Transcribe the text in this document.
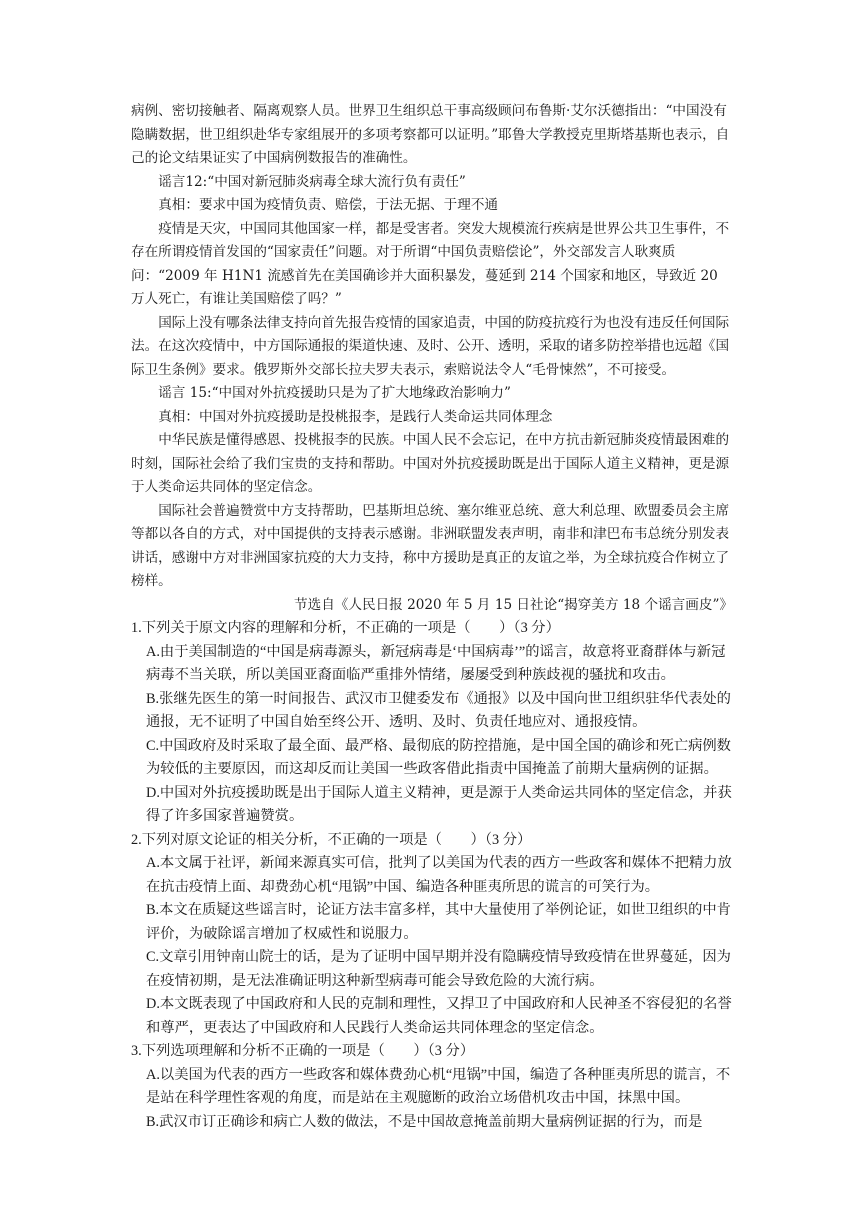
病例、密切接触者、隔离观察人员。世界卫生组织总干事高级顾问布鲁斯·艾尔沃德指出：“中国没有隐瞒数据，世卫组织赴华专家组展开的多项考察都可以证明。”耶鲁大学教授克里斯塔基斯也表示，自己的论文结果证实了中国病例数报告的准确性。

谣言12:“中国对新冠肺炎病毒全球大流行负有责任”

真相：要求中国为疫情负责、赔偿，于法无据、于理不通

疫情是天灾，中国同其他国家一样，都是受害者。突发大规模流行疾病是世界公共卫生事件，不存在所谓疫情首发国的“国家责任”问题。对于所谓“中国负责赔偿论”，外交部发言人耿爽质问：“2009 年 H1N1 流感首先在美国确诊并大面积暴发，蔓延到 214 个国家和地区，导致近 20 万人死亡，有谁让美国赔偿了吗？”

国际上没有哪条法律支持向首先报告疫情的国家追责，中国的防疫抗疫行为也没有违反任何国际法。在这次疫情中，中方国际通报的渠道快速、及时、公开、透明，采取的诸多防控举措也远超《国际卫生条例》要求。俄罗斯外交部长拉夫罗夫表示，索赔说法令人“毛骨悚然”，不可接受。

谣言 15:“中国对外抗疫援助只是为了扩大地缘政治影响力”

真相：中国对外抗疫援助是投桃报李，是践行人类命运共同体理念

中华民族是懂得感恩、投桃报李的民族。中国人民不会忘记，在中方抗击新冠肺炎疫情最困难的时刻，国际社会给了我们宝贵的支持和帮助。中国对外抗疫援助既是出于国际人道主义精神，更是源于人类命运共同体的坚定信念。

国际社会普遍赞赏中方支持帮助，巴基斯坦总统、塞尔维亚总统、意大利总理、欧盟委员会主席等都以各自的方式，对中国提供的支持表示感谢。非洲联盟发表声明，南非和津巴布韦总统分别发表讲话，感谢中方对非洲国家抗疫的大力支持，称中方援助是真正的友谊之举，为全球抗疫合作树立了榜样。

节选自《人民日报 2020 年 5 月 15 日社论“揭穿美方 18 个谣言画皮”》

1.下列关于原文内容的理解和分析，不正确的一项是（　　）（3 分）

A.由于美国制造的“中国是病毒源头，新冠病毒是‘中国病毒’”的谣言，故意将亚裔群体与新冠病毒不当关联，所以美国亚裔面临严重排外情绪，屡屡受到种族歧视的骚扰和攻击。

B.张继先医生的第一时间报告、武汉市卫健委发布《通报》以及中国向世卫组织驻华代表处的通报，无不证明了中国自始至终公开、透明、及时、负责任地应对、通报疫情。

C.中国政府及时采取了最全面、最严格、最彻底的防控措施，是中国全国的确诊和死亡病例数为较低的主要原因，而这却反而让美国一些政客借此指责中国掩盖了前期大量病例的证据。

D.中国对外抗疫援助既是出于国际人道主义精神，更是源于人类命运共同体的坚定信念，并获得了许多国家普遍赞赏。

2.下列对原文论证的相关分析，不正确的一项是（　　）（3 分）

A.本文属于社评，新闻来源真实可信，批判了以美国为代表的西方一些政客和媒体不把精力放在抗击疫情上面、却费劲心机“甩锅”中国、编造各种匪夷所思的谎言的可笑行为。

B.本文在质疑这些谣言时，论证方法丰富多样，其中大量使用了举例论证，如世卫组织的中肯评价，为破除谣言增加了权威性和说服力。

C.文章引用钟南山院士的话，是为了证明中国早期并没有隐瞒疫情导致疫情在世界蔓延，因为在疫情初期，是无法准确证明这种新型病毒可能会导致危险的大流行病。

D.本文既表现了中国政府和人民的克制和理性，又捍卫了中国政府和人民神圣不容侵犯的名誉和尊严，更表达了中国政府和人民践行人类命运共同体理念的坚定信念。

3.下列选项理解和分析不正确的一项是（　　）（3 分）

A.以美国为代表的西方一些政客和媒体费劲心机“甩锅”中国，编造了各种匪夷所思的谎言，不是站在科学理性客观的角度，而是站在主观臆断的政治立场借机攻击中国，抹黑中国。

B.武汉市订正确诊和病亡人数的做法，不是中国故意掩盖前期大量病例证据的行为，而是
